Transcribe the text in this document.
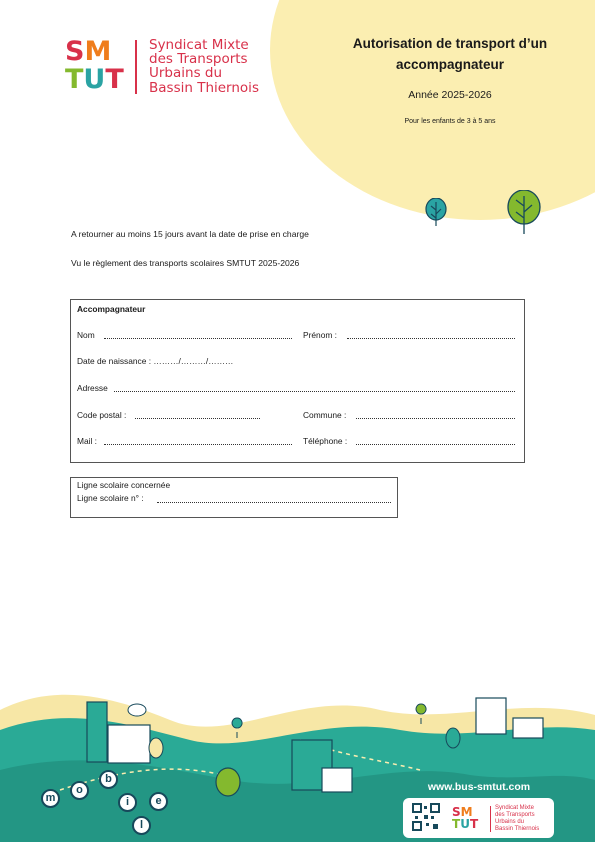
SM
TUT
Syndicat Mixte
des Transports
Urbains du
Bassin Thiernois
Autorisation de transport d’un
accompagnateur
Année 2025-2026
Pour les enfants de 3 à 5 ans
A retourner au moins 15 jours avant la date de prise en charge
Vu le règlement des transports scolaires SMTUT 2025-2026
Accompagnateur
Nom	Prénom :
Date de naissance : ………/………/………
Adresse
Code postal :	Commune :
Mail :	Téléphone :
Ligne scolaire concernée
Ligne scolaire n° :
m
o
b
i
l
e
www.bus-smtut.com
SM
TUT
Syndicat Mixte
des Transports
Urbains du
Bassin Thiernois
